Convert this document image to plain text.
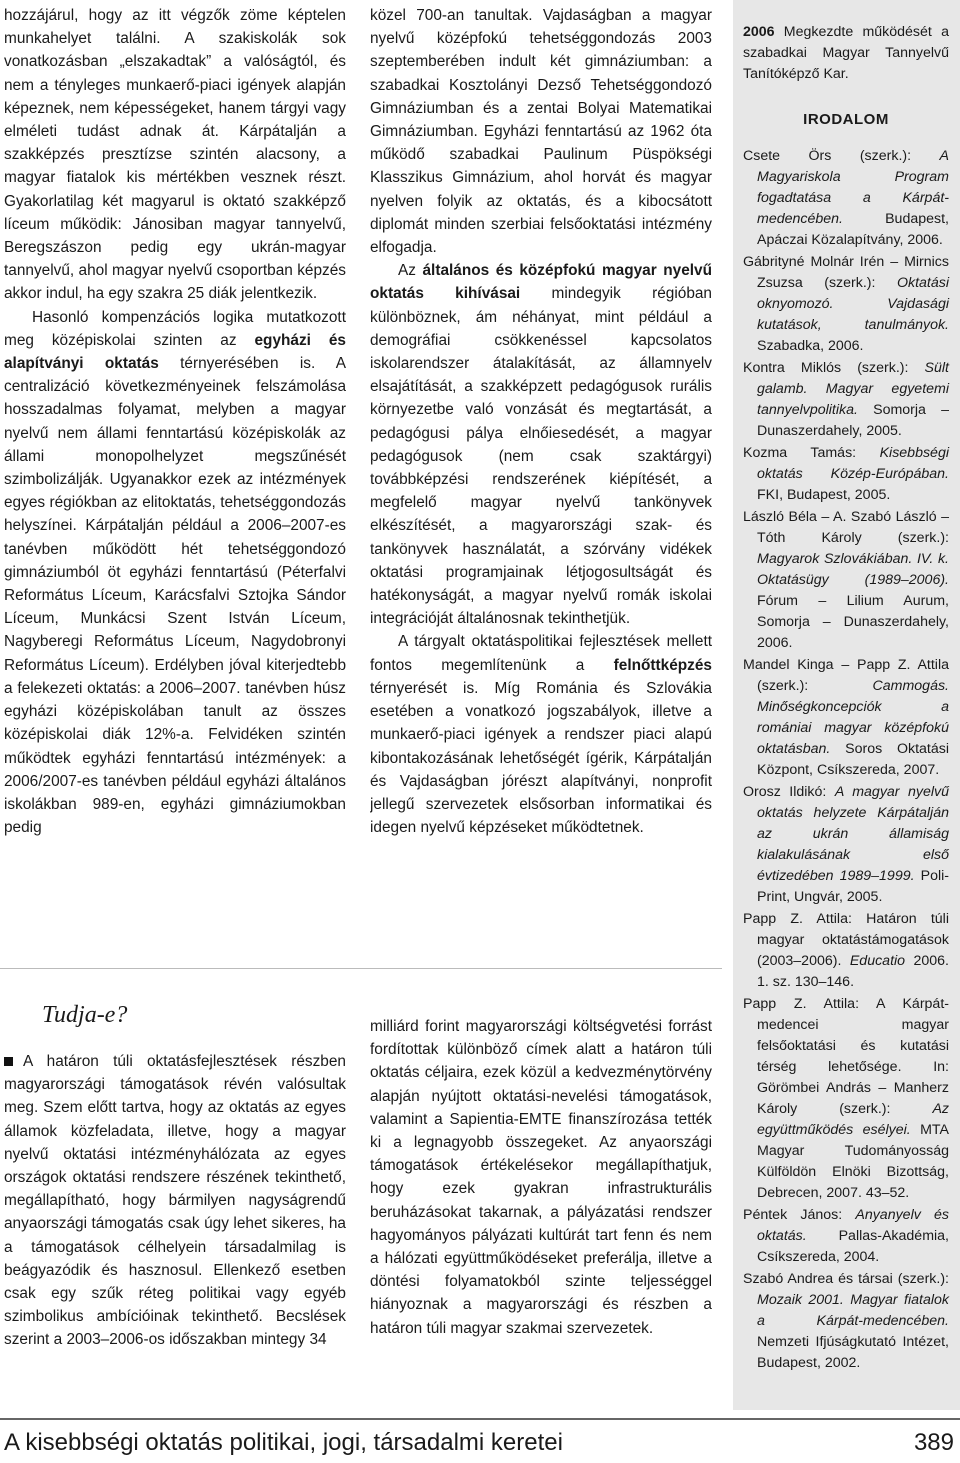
hozzájárul, hogy az itt végzők zöme képtelen munkahelyet találni. A szakiskolák sok vonatkozásban „elszakadtak” a valóságtól, és nem a tényleges munkaerő-piaci igények alapján képeznek, nem képességeket, hanem tárgyi vagy elméleti tudást adnak át. Kárpátalján a szakképzés presztízse szintén alacsony, a magyar fiatalok kis mértékben vesznek részt. Gyakorlatilag két magyarul is oktató szakképző líceum működik: Jánosiban magyar tannyelvű, Beregszászon pedig egy ukrán-magyar tannyelvű, ahol magyar nyelvű csoportban képzés akkor indul, ha egy szakra 25 diák jelentkezik.

Hasonló kompenzációs logika mutatkozott meg középiskolai szinten az egyházi és alapítványi oktatás térnyerésében is. A centralizáció következményeinek felszámolása hosszadalmas folyamat, melyben a magyar nyelvű nem állami fenntartású középiskolák az állami monopolhelyzet megszűnését szimbolizálják. Ugyanakkor ezek az intézmények egyes régiókban az elitoktatás, tehetséggondozás helyszínei. Kárpátalján például a 2006–2007-es tanévben működött hét tehetséggondozó gimnáziumból öt egyházi fenntartású (Péterfalvi Református Líceum, Karácsfalvi Sztojka Sándor Líceum, Munkácsi Szent István Líceum, Nagyberegi Református Líceum, Nagydobronyi Református Líceum). Erdélyben jóval kiterjedtebb a felekezeti oktatás: a 2006–2007. tanévben húsz egyházi középiskolában tanult az összes középiskolai diák 12%-a. Felvidéken szintén működtek egyházi fenntartású intézmények: a 2006/2007-es tanévben például egyházi általános iskolákban 989-en, egyházi gimnáziumokban pedig

közel 700-an tanultak. Vajdaságban a magyar nyelvű középfokú tehetséggondozás 2003 szeptemberében indult két gimnáziumban: a szabadkai Kosztolányi Dezső Tehetséggondozó Gimnáziumban és a zentai Bolyai Matematikai Gimnáziumban. Egyházi fenntartású az 1962 óta működő szabadkai Paulinum Püspökségi Klasszikus Gimnázium, ahol horvát és magyar nyelven folyik az oktatás, és a kibocsátott diplomát minden szerbiai felsőoktatási intézmény elfogadja.

Az általános és középfokú magyar nyelvű oktatás kihívásai mindegyik régióban különböznek, ám néhányat, mint például a demográfiai csökkenéssel kapcsolatos iskolarendszer átalakítását, az államnyelv elsajátítását, a szakképzett pedagógusok rurális környezetbe való vonzását és megtartását, a pedagógusi pálya elnőiesedését, a magyar pedagógusok (nem csak szaktárgyi) továbbképzési rendszerének kiépítését, a megfelelő magyar nyelvű tankönyvek elkészítését, a magyarországi szak- és tankönyvek használatát, a szórvány vidékek oktatási programjainak létjogosultságát és hatékonyságát, a magyar nyelvű romák iskolai integrációját általánosnak tekinthetjük.

A tárgyalt oktatáspolitikai fejlesztések mellett fontos megemlítenünk a felnőttképzés térnyerését is. Míg Románia és Szlovákia esetében a vonatkozó jogszabályok, illetve a munkaerő-piaci igények a rendszer piaci alapú kibontakozásának lehetőségét ígérik, Kárpátalján és Vajdaságban jórészt alapítványi, nonprofit jellegű szervezetek elsősorban informatikai és idegen nyelvű képzéseket működtetnek.

Tudja-e?

A határon túli oktatásfejlesztések részben magyarországi támogatások révén valósultak meg. Szem előtt tartva, hogy az oktatás az egyes államok közfeladata, illetve, hogy a magyar nyelvű oktatási intézményhálózata az egyes országok oktatási rendszere részének tekinthető, megállapítható, hogy bármilyen nagyságrendű anyaországi támogatás csak úgy lehet sikeres, ha a támogatások célhelyein társadalmilag is beágyazódik és hasznosul. Ellenkező esetben csak egy szűk réteg politikai vagy egyéb szimbolikus ambícióinak tekinthető. Becslések szerint a 2003–2006-os időszakban mintegy 34

milliárd forint magyarországi költségvetési forrást fordítottak különböző címek alatt a határon túli oktatás céljaira, ezek közül a kedvezménytörvény alapján nyújtott oktatási-nevelési támogatások, valamint a Sapientia-EMTE finanszírozása tették ki a legnagyobb összegeket. Az anyaországi támogatások értékelésekor megállapíthatjuk, hogy ezek gyakran infrastrukturális beruházásokat takarnak, a pályázatási rendszer hagyományos pályázati kultúrát tart fenn és nem a hálózati együttműködéseket preferálja, illetve a döntési folyamatokból szinte teljességgel hiányoznak a magyarországi és részben a határon túli magyar szakmai szervezetek.

2006 Megkezdte működését a szabadkai Magyar Tannyelvű Tanítóképző Kar.
IRODALOM

Csete Örs (szerk.): A Magyariskola Program fogadtatása a Kárpát-medencében. Budapest, Apáczai Közalapítvány, 2006.

Gábrityné Molnár Irén – Mirnics Zsuzsa (szerk.): Oktatási oknyomozó. Vajdasági kutatások, tanulmányok. Szabadka, 2006.

Kontra Miklós (szerk.): Sült galamb. Magyar egyetemi tannyelvpolitika. Somorja – Dunaszerdahely, 2005.

Kozma Tamás: Kisebbségi oktatás Közép-Európában. FKI, Budapest, 2005.

László Béla – A. Szabó László – Tóth Károly (szerk.): Magyarok Szlovákiában. IV. k. Oktatásügy (1989–2006). Fórum – Lilium Aurum, Somorja – Dunaszerdahely, 2006.

Mandel Kinga – Papp Z. Attila (szerk.): Cammogás. Minőségkoncepciók a romániai magyar középfokú oktatásban. Soros Oktatási Központ, Csíkszereda, 2007.

Orosz Ildikó: A magyar nyelvű oktatás helyzete Kárpátalján az ukrán államiság kialakulásának első évtizedében 1989–1999. Poli-Print, Ungvár, 2005.

Papp Z. Attila: Határon túli magyar oktatástámogatások (2003–2006). Educatio 2006. 1. sz. 130–146.

Papp Z. Attila: A Kárpát-medencei magyar felsőoktatási és kutatási térség lehetősége. In: Görömbei András – Manherz Károly (szerk.): Az együttműködés esélyei. MTA Magyar Tudományosság Külföldön Elnöki Bizottság, Debrecen, 2007. 43–52.

Péntek János: Anyanyelv és oktatás. Pallas-Akadémia, Csíkszereda, 2004.

Szabó Andrea és társai (szerk.): Mozaik 2001. Magyar fiatalok a Kárpát-medencében. Nemzeti Ifjúságkutató Intézet, Budapest, 2002.

A kisebbségi oktatás politikai, jogi, társadalmi keretei	389
